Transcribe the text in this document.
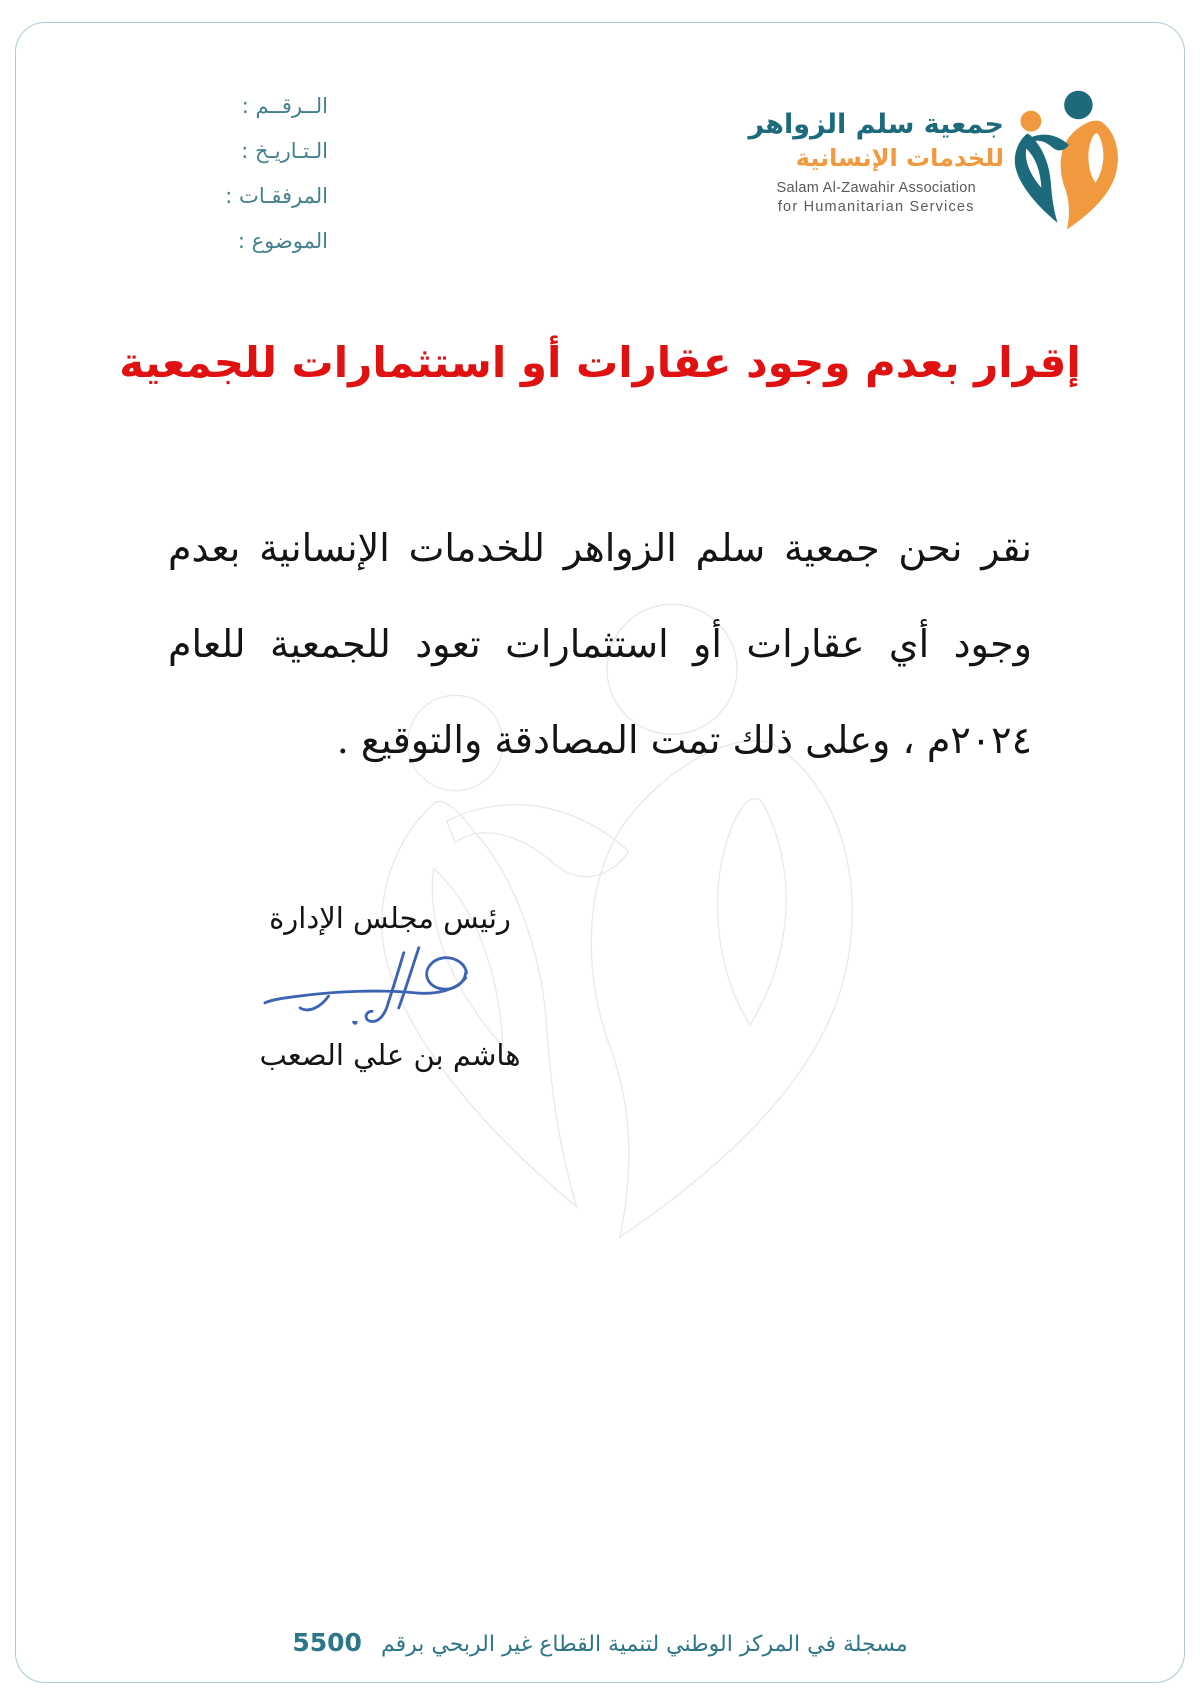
الــرقــم :
الـتـاريـخ :
المرفقـات :
الموضوع :
جمعية سلم الزواهر
للخدمات الإنسانية
Salam Al-Zawahir Association
for Humanitarian Services
إقرار بعدم وجود عقارات أو استثمارات للجمعية

نقر نحن جمعية سلم الزواهر للخدمات الإنسانية بعدم

وجود أي عقارات أو استثمارات تعود للجمعية للعام

٢٠٢٤م ، وعلى ذلك تمت المصادقة والتوقيع .

رئيس مجلس الإدارة
هاشم بن علي الصعب
مسجلة في المركز الوطني لتنمية القطاع غير الربحي برقم 5500
